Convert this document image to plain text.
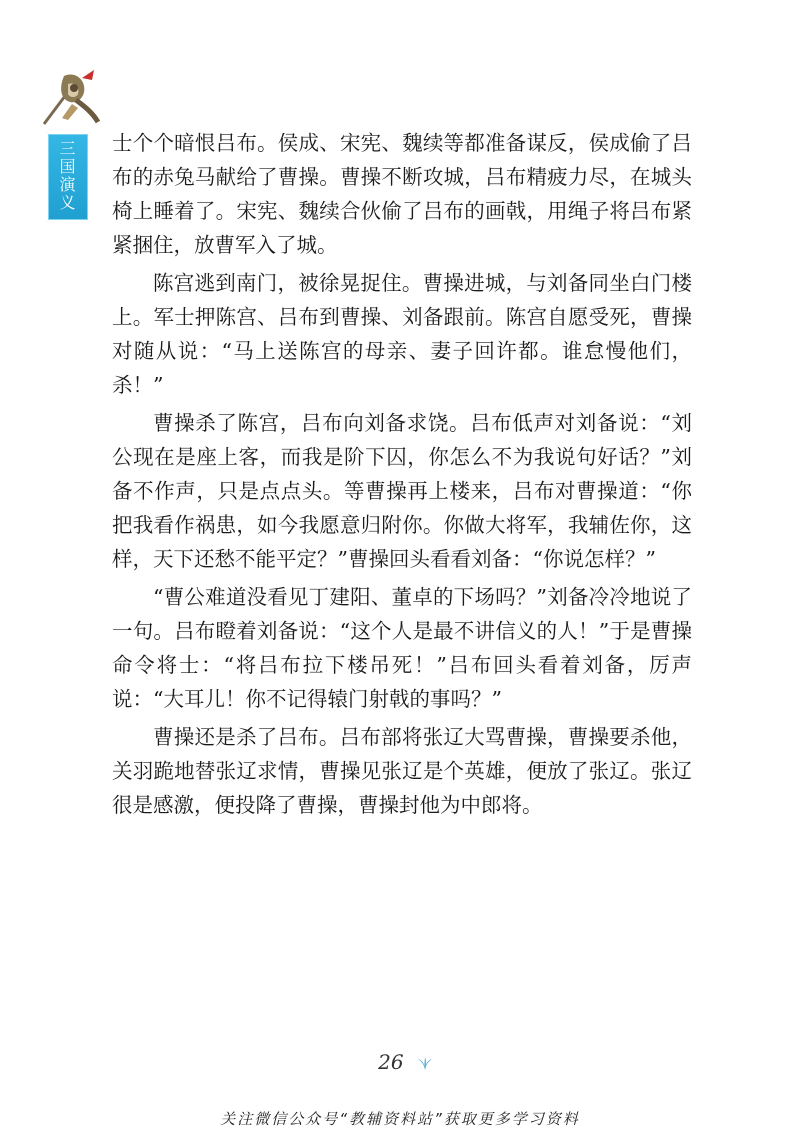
三国演义 士个个暗恨吕布。侯成、宋宪、魏续等都准备谋反，侯成偷了吕布的赤兔马献给了曹操。曹操不断攻城，吕布精疲力尽，在城头椅上睡着了。宋宪、魏续合伙偷了吕布的画戟，用绳子将吕布紧紧捆住，放曹军入了城。

陈宫逃到南门，被徐晃捉住。曹操进城，与刘备同坐白门楼上。军士押陈宫、吕布到曹操、刘备跟前。陈宫自愿受死，曹操对随从说：“马上送陈宫的母亲、妻子回许都。谁怠慢他们，杀！”

曹操杀了陈宫，吕布向刘备求饶。吕布低声对刘备说：“刘公现在是座上客，而我是阶下囚，你怎么不为我说句好话？”刘备不作声，只是点点头。等曹操再上楼来，吕布对曹操道：“你把我看作祸患，如今我愿意归附你。你做大将军，我辅佐你，这样，天下还愁不能平定？”曹操回头看看刘备：“你说怎样？”

“曹公难道没看见丁建阳、董卓的下场吗？”刘备冷冷地说了一句。吕布瞪着刘备说：“这个人是最不讲信义的人！”于是曹操命令将士：“将吕布拉下楼吊死！”吕布回头看着刘备，厉声说：“大耳儿！你不记得辕门射戟的事吗？”

曹操还是杀了吕布。吕布部将张辽大骂曹操，曹操要杀他，关羽跪地替张辽求情，曹操见张辽是个英雄，便放了张辽。张辽很是感激，便投降了曹操，曹操封他为中郎将。

26
关注微信公众号“教辅资料站”获取更多学习资料
